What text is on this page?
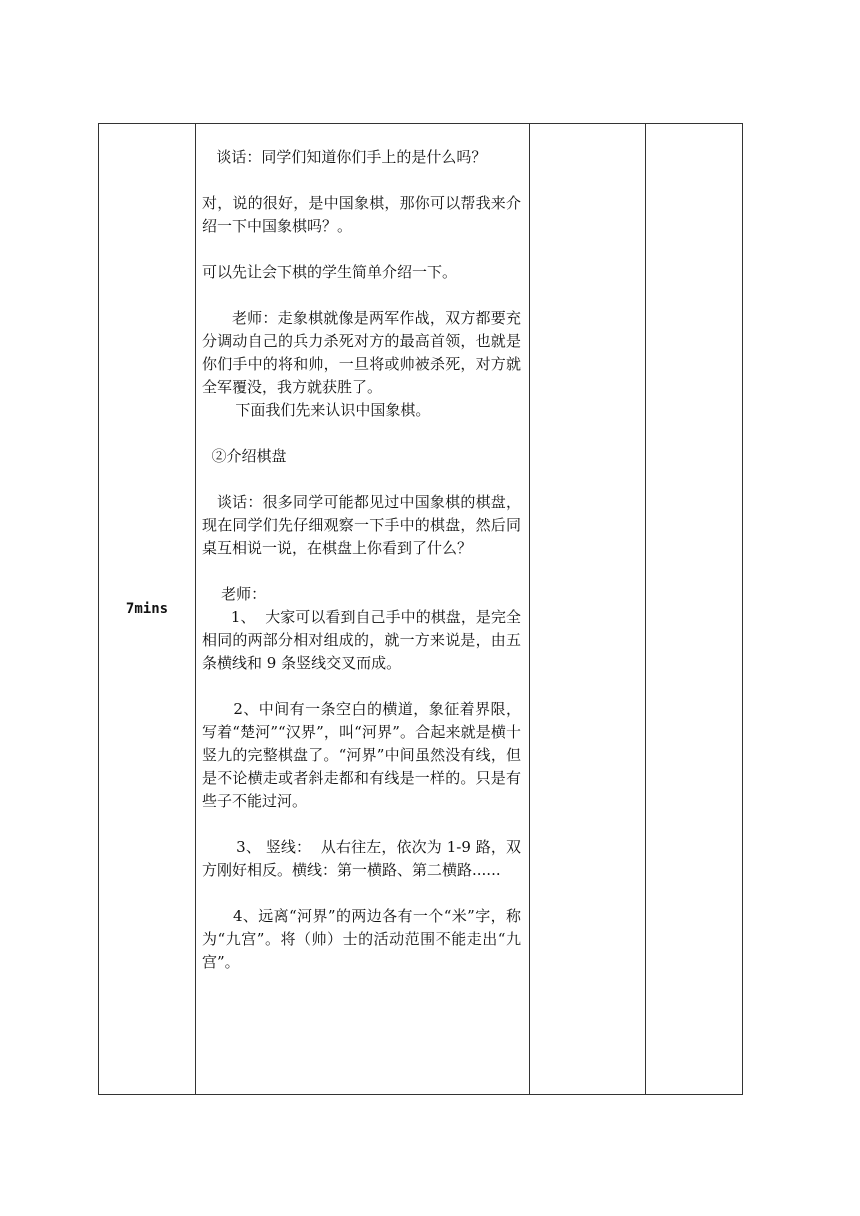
7mins	

谈话：同学们知道你们手上的是什么吗？

对，说的很好，是中国象棋，那你可以帮我来介绍一下中国象棋吗？。

可以先让会下棋的学生简单介绍一下。

老师：走象棋就像是两军作战，双方都要充分调动自己的兵力杀死对方的最高首领，也就是你们手中的将和帅，一旦将或帅被杀死，对方就全军覆没，我方就获胜了。

下面我们先来认识中国象棋。

②介绍棋盘

谈话：很多同学可能都见过中国象棋的棋盘，现在同学们先仔细观察一下手中的棋盘，然后同桌互相说一说，在棋盘上你看到了什么？

老师：

1、  大家可以看到自己手中的棋盘，是完全相同的两部分相对组成的，就一方来说是，由五条横线和 9 条竖线交叉而成。

2、中间有一条空白的横道，象征着界限，写着“楚河”“汉界”，叫“河界”。合起来就是横十竖九的完整棋盘了。“河界”中间虽然没有线，但是不论横走或者斜走都和有线是一样的。只是有些子不能过河。

3、 竖线：  从右往左，依次为 1-9 路，双方刚好相反。横线：第一横路、第二横路......

4、远离“河界”的两边各有一个“米”字，称为“九宫”。将（帅）士的活动范围不能走出“九宫”。
